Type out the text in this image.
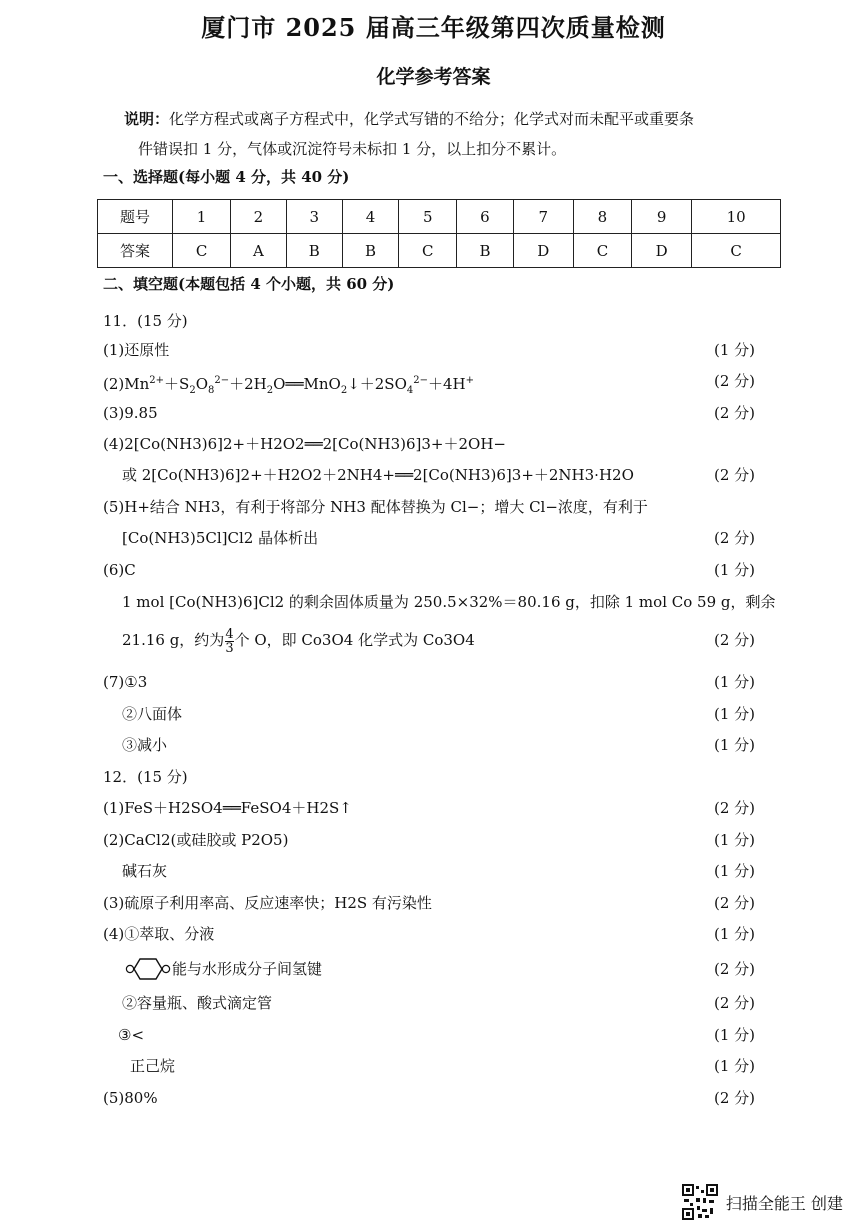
厦门市 2025 届高三年级第四次质量检测
化学参考答案
说明：化学方程式或离子方程式中，化学式写错的不给分；化学式对而未配平或重要条
件错误扣 1 分，气体或沉淀符号未标扣 1 分，以上扣分不累计。
一、选择题(每小题 4 分，共 40 分)
题号	1	2	3	4	5	6	7	8	9	10
答案	C	A	B	B	C	B	D	C	D	C
二、填空题(本题包括 4 个小题，共 60 分)
11．(15 分)
(1)还原性	(1 分)
$(2)Mn^{2+}+S_2O_8^{2-}+2H_2O══MnO_2↓+2SO_4^{2-}+4H^+$	(2 分)
(3)9.85	(2 分)
(4)2[Co(NH3)6]2+＋H2O2══2[Co(NH3)6]3+＋2OH−
或 2[Co(NH3)6]2+＋H2O2＋2NH4+══2[Co(NH3)6]3+＋2NH3·H2O	(2 分)
(5)H+结合 NH3，有利于将部分 NH3 配体替换为 Cl−；增大 Cl−浓度，有利于
[Co(NH3)5Cl]Cl2 晶体析出	(2 分)
(6)C	(1 分)
1 mol [Co(NH3)6]Cl2 的剩余固体质量为 250.5×32%＝80.16 g，扣除 1 mol Co 59 g，剩余
21.16 g，约为 $\frac{4}{3}$ 个 O，即 Co3O4 化学式为 Co3O4	(2 分)
(7)①3	(1 分)
②八面体	(1 分)
③减小	(1 分)
12．(15 分)
(1)FeS＋H2SO4══FeSO4＋H2S↑	(2 分)
(2)CaCl2(或硅胶或 P2O5)	(1 分)
碱石灰	(1 分)
(3)硫原子利用率高、反应速率快；H2S 有污染性	(2 分)
(4)①萃取、分液	(1 分)
能与水形成分子间氢键	(2 分)
②容量瓶、酸式滴定管	(2 分)
③<	(1 分)
正己烷	(1 分)
(5)80%	(2 分)
扫描全能王 创建
